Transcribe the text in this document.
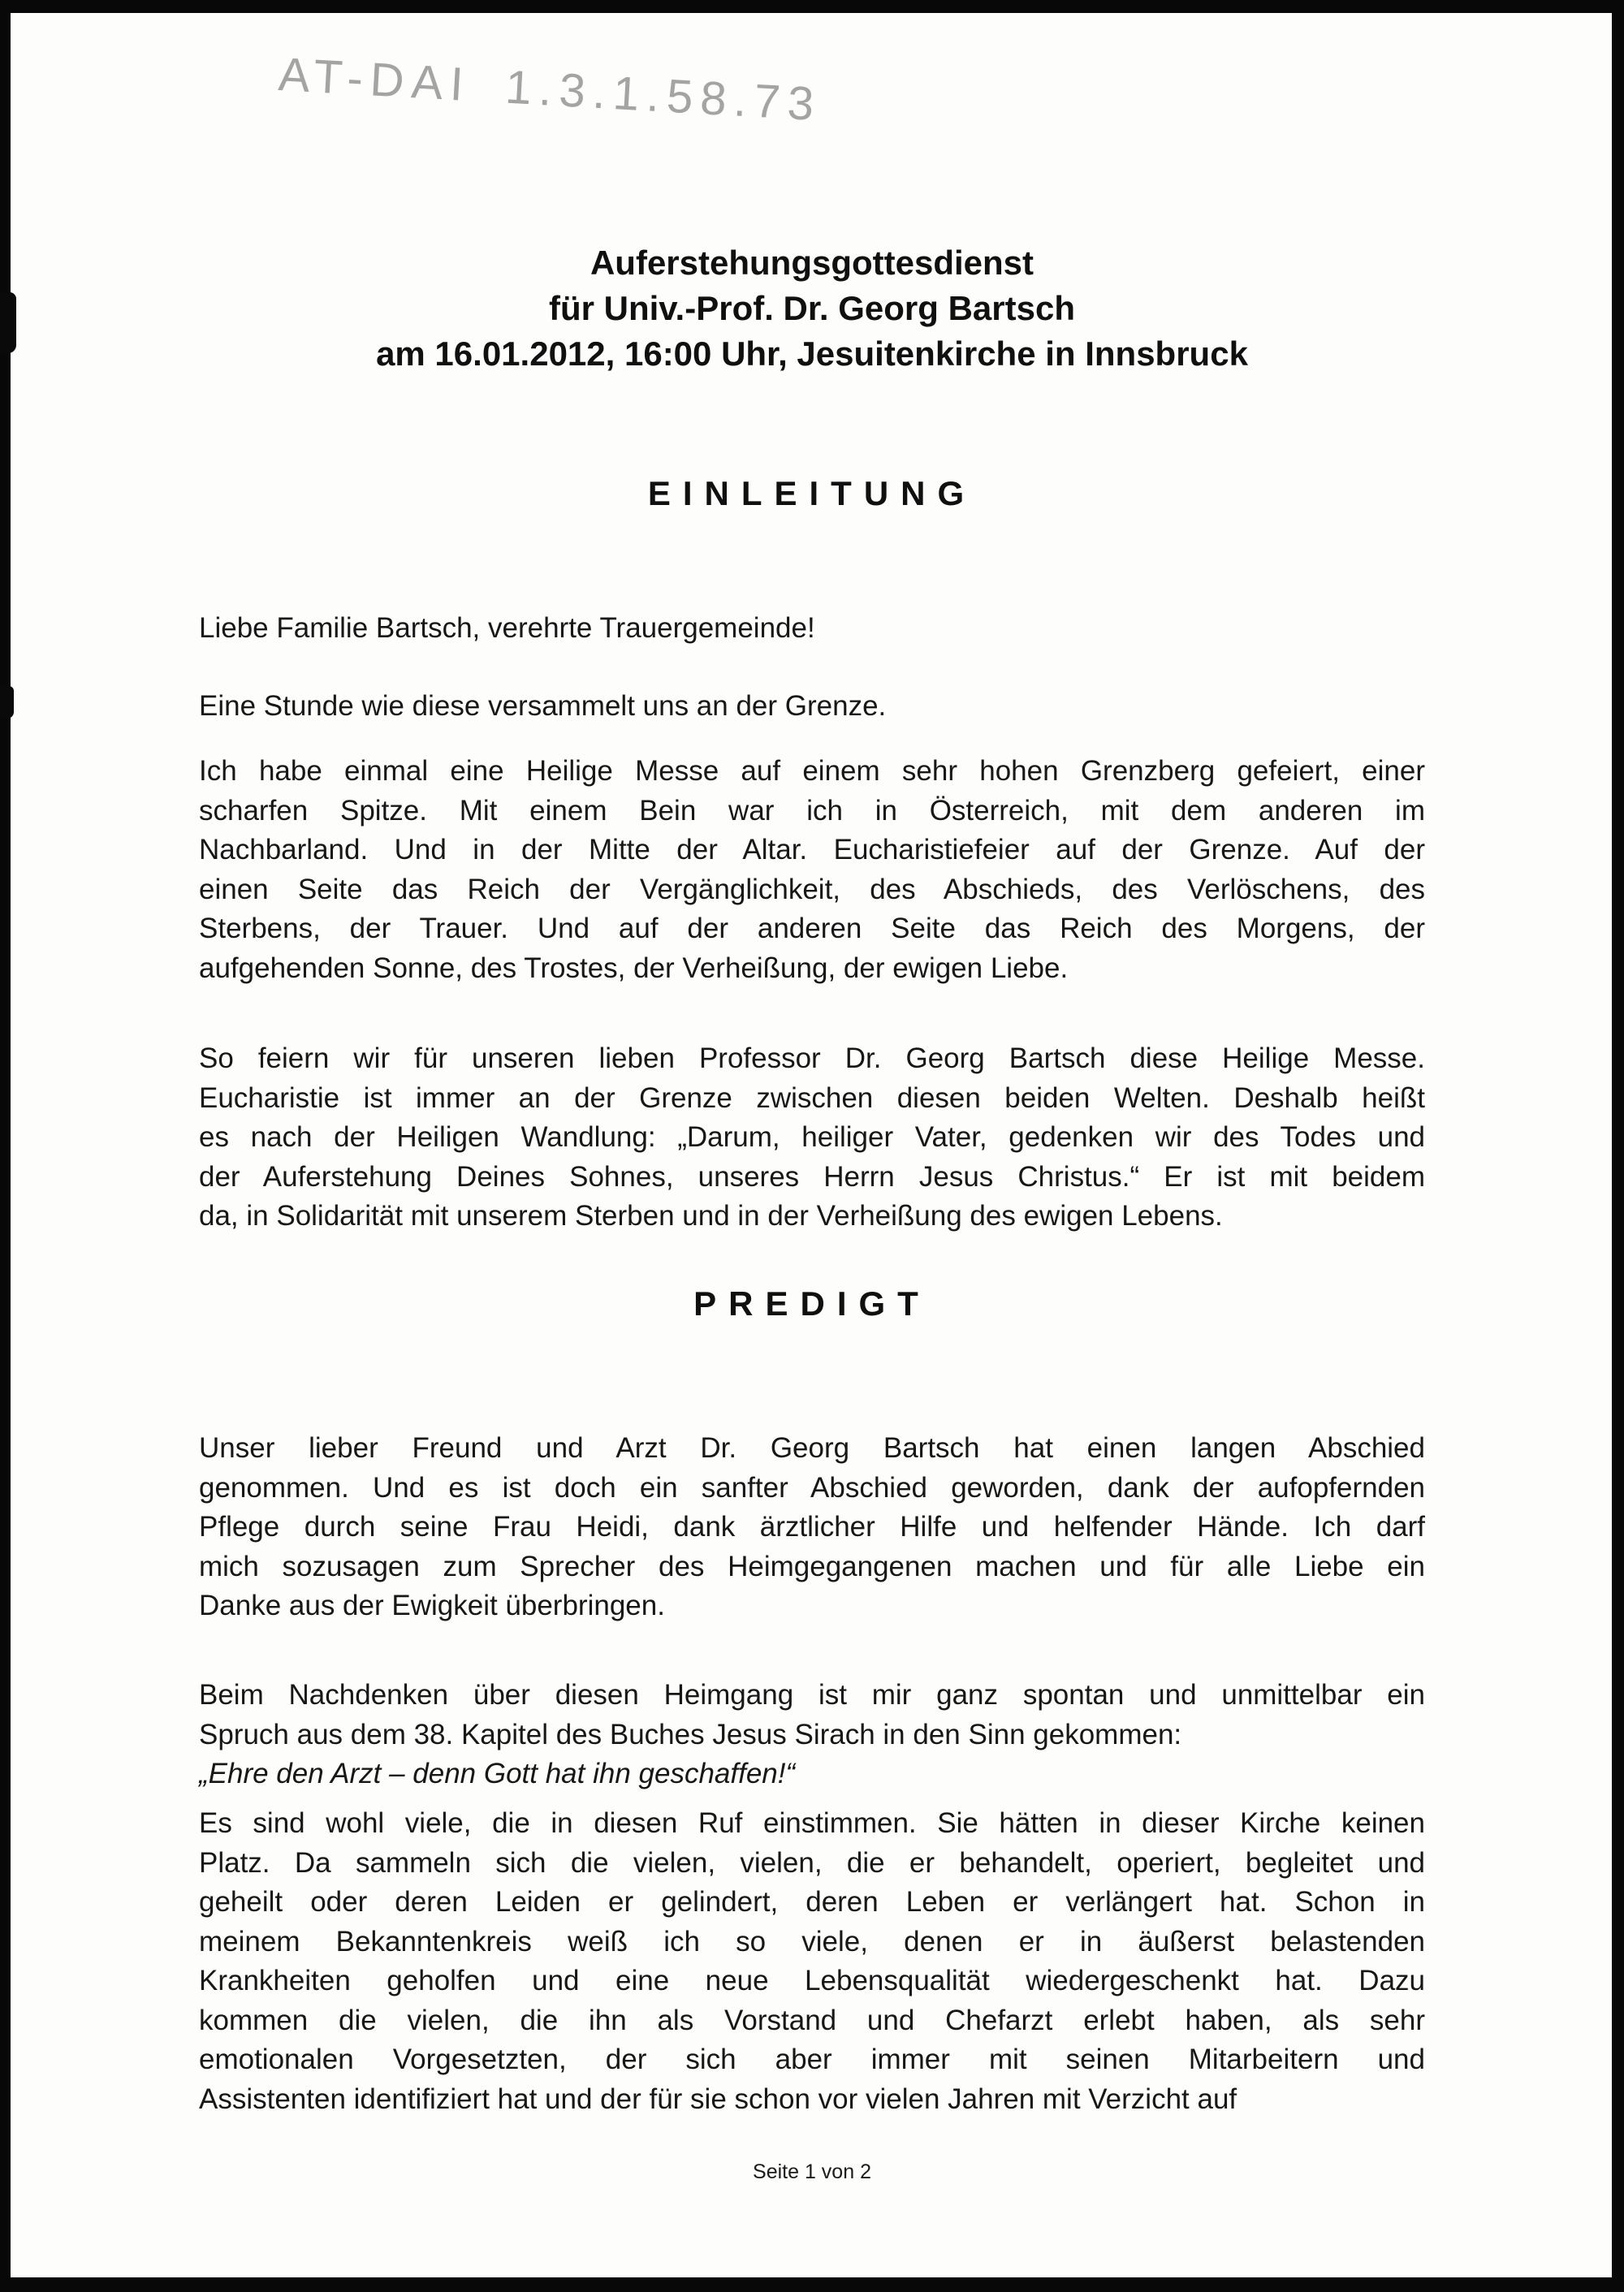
AT-DAI 1.3.1.58.73
Auferstehungsgottesdienst
für Univ.-Prof. Dr. Georg Bartsch
am 16.01.2012, 16:00 Uhr, Jesuitenkirche in Innsbruck
EINLEITUNG
Liebe Familie Bartsch, verehrte Trauergemeinde!
Eine Stunde wie diese versammelt uns an der Grenze.
Ich habe einmal eine Heilige Messe auf einem sehr hohen Grenzberg gefeiert, einer
scharfen Spitze. Mit einem Bein war ich in Österreich, mit dem anderen im
Nachbarland. Und in der Mitte der Altar. Eucharistiefeier auf der Grenze. Auf der
einen Seite das Reich der Vergänglichkeit, des Abschieds, des Verlöschens, des
Sterbens, der Trauer. Und auf der anderen Seite das Reich des Morgens, der
aufgehenden Sonne, des Trostes, der Verheißung, der ewigen Liebe.
So feiern wir für unseren lieben Professor Dr. Georg Bartsch diese Heilige Messe.
Eucharistie ist immer an der Grenze zwischen diesen beiden Welten. Deshalb heißt
es nach der Heiligen Wandlung: „Darum, heiliger Vater, gedenken wir des Todes und
der Auferstehung Deines Sohnes, unseres Herrn Jesus Christus.“ Er ist mit beidem
da, in Solidarität mit unserem Sterben und in der Verheißung des ewigen Lebens.
PREDIGT
Unser lieber Freund und Arzt Dr. Georg Bartsch hat einen langen Abschied
genommen. Und es ist doch ein sanfter Abschied geworden, dank der aufopfernden
Pflege durch seine Frau Heidi, dank ärztlicher Hilfe und helfender Hände. Ich darf
mich sozusagen zum Sprecher des Heimgegangenen machen und für alle Liebe ein
Danke aus der Ewigkeit überbringen.
Beim Nachdenken über diesen Heimgang ist mir ganz spontan und unmittelbar ein
Spruch aus dem 38. Kapitel des Buches Jesus Sirach in den Sinn gekommen:
„Ehre den Arzt – denn Gott hat ihn geschaffen!“
Es sind wohl viele, die in diesen Ruf einstimmen. Sie hätten in dieser Kirche keinen
Platz. Da sammeln sich die vielen, vielen, die er behandelt, operiert, begleitet und
geheilt oder deren Leiden er gelindert, deren Leben er verlängert hat. Schon in
meinem Bekanntenkreis weiß ich so viele, denen er in äußerst belastenden
Krankheiten geholfen und eine neue Lebensqualität wiedergeschenkt hat. Dazu
kommen die vielen, die ihn als Vorstand und Chefarzt erlebt haben, als sehr
emotionalen Vorgesetzten, der sich aber immer mit seinen Mitarbeitern und
Assistenten identifiziert hat und der für sie schon vor vielen Jahren mit Verzicht auf
Seite 1 von 2
